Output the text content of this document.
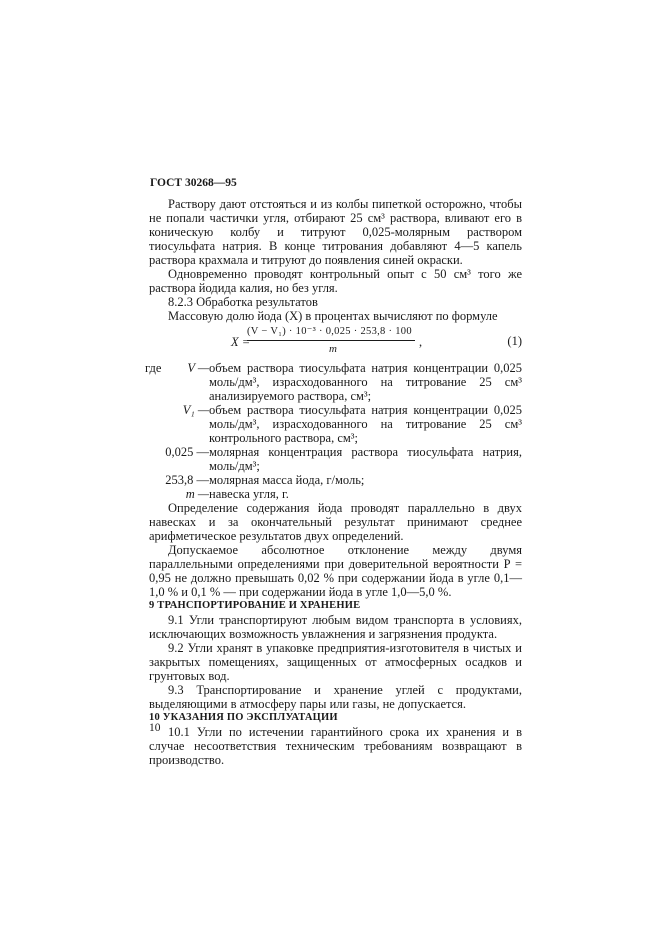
ГОСТ 30268—95

Раствору дают отстояться и из колбы пипеткой осторожно, чтобы не попали частички угля, отбирают 25 см³ раствора, вливают его в коническую колбу и титруют 0,025-молярным раствором тиосульфата натрия. В конце титрования добавляют 4—5 капель раствора крахмала и титруют до появления синей окраски.

Одновременно проводят контрольный опыт с 50 см³ того же раствора йодида калия, но без угля.

8.2.3 Обработка результатов

Массовую долю йода (X) в процентах вычисляют по формуле

X =
(V − V₁) · 10⁻³ · 0,025 · 253,8 · 100
m	,	(1)
где	V — объем раствора тиосульфата натрия концентрации 0,025 моль/дм³, израсходованного на титрование 25 см³ анализируемого раствора, см³;
V₁ — объем раствора тиосульфата натрия концентрации 0,025 моль/дм³, израсходованного на титрование 25 см³ контрольного раствора, см³;
0,025 — молярная концентрация раствора тиосульфата натрия, моль/дм³;
253,8 — молярная масса йода, г/моль;
m — навеска угля, г.

Определение содержания йода проводят параллельно в двух навесках и за окончательный результат принимают среднее арифметическое результатов двух определений.

Допускаемое абсолютное отклонение между двумя параллельными определениями при доверительной вероятности P = 0,95 не должно превышать 0,02 % при содержании йода в угле 0,1—1,0 % и 0,1 % — при содержании йода в угле 1,0—5,0 %.

9 ТРАНСПОРТИРОВАНИЕ И ХРАНЕНИЕ

9.1 Угли транспортируют любым видом транспорта в условиях, исключающих возможность увлажнения и загрязнения продукта.

9.2 Угли хранят в упаковке предприятия-изготовителя в чистых и закрытых помещениях, защищенных от атмосферных осадков и грунтовых вод.

9.3 Транспортирование и хранение углей с продуктами, выделяющими в атмосферу пары или газы, не допускается.

10 УКАЗАНИЯ ПО ЭКСПЛУАТАЦИИ

10.1 Угли по истечении гарантийного срока их хранения и в случае несоответствия техническим требованиям возвращают в производство.

10
